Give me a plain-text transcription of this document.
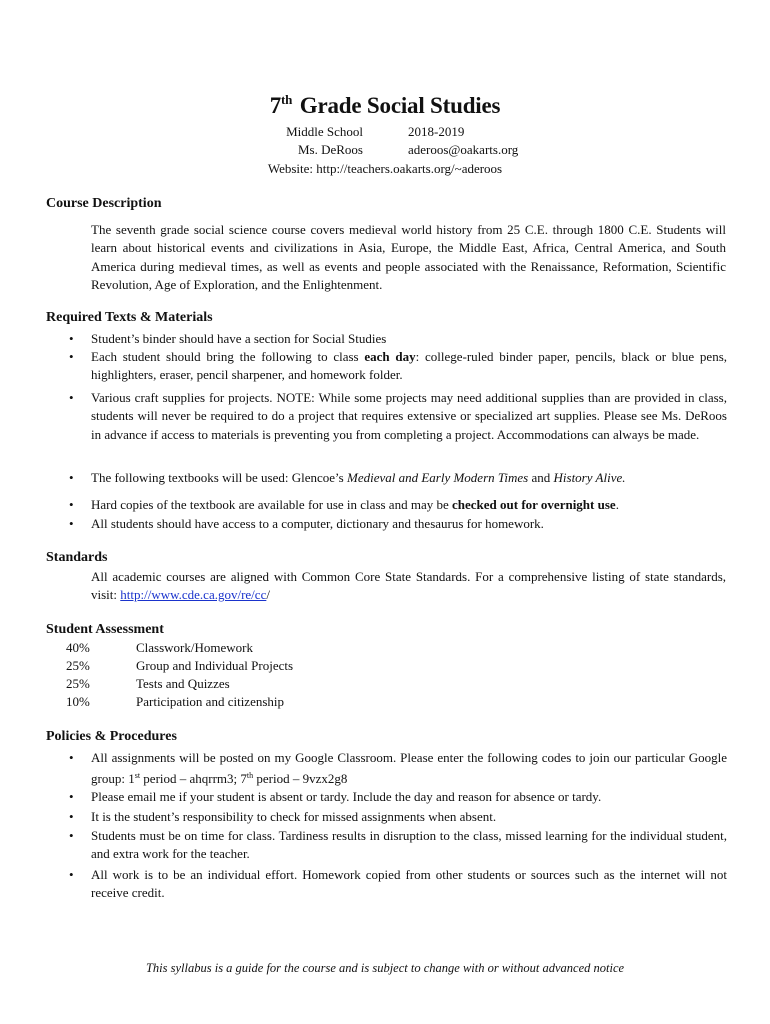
7th Grade Social Studies
Middle School	2018-2019
Ms. DeRoos	aderoos@oakarts.org
Website: http://teachers.oakarts.org/~aderoos
Course Description
The seventh grade social science course covers medieval world history from 25 C.E. through 1800 C.E. Students will learn about historical events and civilizations in Asia, Europe, the Middle East, Africa, Central America, and South America during medieval times, as well as events and people associated with the Renaissance, Reformation, Scientific Revolution, Age of Exploration, and the Enlightenment.
Required Texts & Materials
• Student’s binder should have a section for Social Studies
• Each student should bring the following to class each day: college-ruled binder paper, pencils, black or blue pens, highlighters, eraser, pencil sharpener, and homework folder.
• Various craft supplies for projects. NOTE: While some projects may need additional supplies than are provided in class, students will never be required to do a project that requires extensive or specialized art supplies. Please see Ms. DeRoos in advance if access to materials is preventing you from completing a project. Accommodations can always be made.
• The following textbooks will be used: Glencoe’s Medieval and Early Modern Times and History Alive.
• Hard copies of the textbook are available for use in class and may be checked out for overnight use.
• All students should have access to a computer, dictionary and thesaurus for homework.
Standards
All academic courses are aligned with Common Core State Standards. For a comprehensive listing of state standards, visit: http://www.cde.ca.gov/re/cc/
Student Assessment
40%	Classwork/Homework
25%	Group and Individual Projects
25%	Tests and Quizzes
10%	Participation and citizenship
Policies & Procedures
• All assignments will be posted on my Google Classroom. Please enter the following codes to join our particular Google group: 1st period – ahqrrm3; 7th period – 9vzx2g8
• Please email me if your student is absent or tardy. Include the day and reason for absence or tardy.
• It is the student’s responsibility to check for missed assignments when absent.
• Students must be on time for class. Tardiness results in disruption to the class, missed learning for the individual student, and extra work for the teacher.
• All work is to be an individual effort. Homework copied from other students or sources such as the internet will not receive credit.
This syllabus is a guide for the course and is subject to change with or without advanced notice
